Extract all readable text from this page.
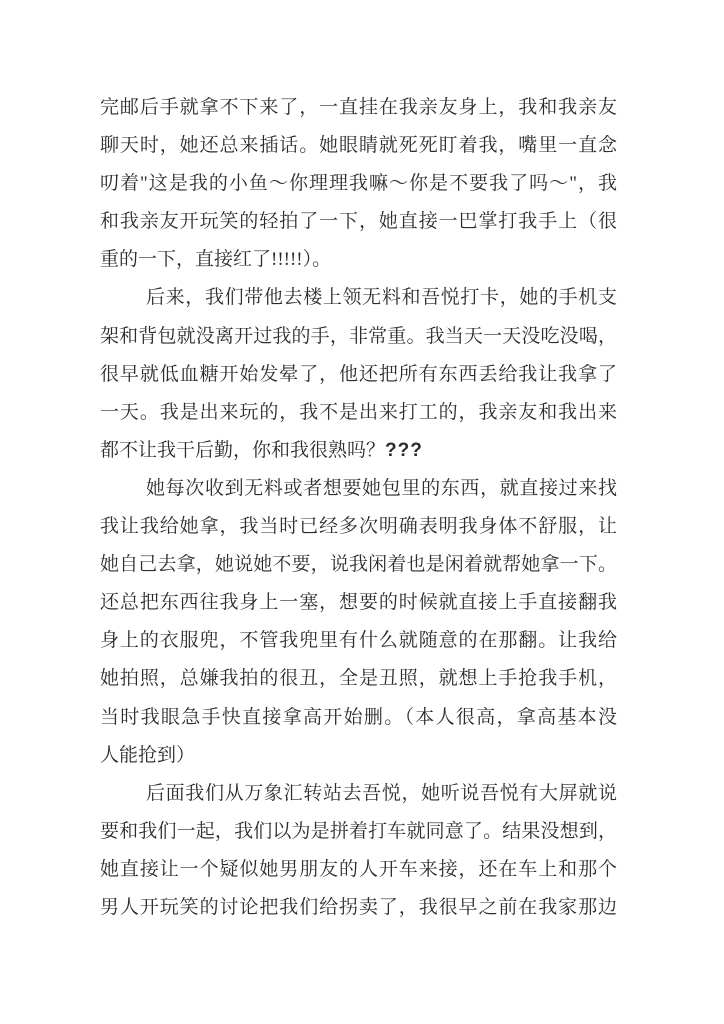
完邮后手就拿不下来了，一直挂在我亲友身上，我和我亲友
聊天时，她还总来插话。她眼睛就死死盯着我，嘴里一直念
叨着"这是我的小鱼～你理理我嘛～你是不要我了吗～"，我
和我亲友开玩笑的轻拍了一下，她直接一巴掌打我手上（很
重的一下，直接红了!!!!!）。
后来，我们带他去楼上领无料和吾悦打卡，她的手机支
架和背包就没离开过我的手，非常重。我当天一天没吃没喝，
很早就低血糖开始发晕了，他还把所有东西丢给我让我拿了
一天。我是出来玩的，我不是出来打工的，我亲友和我出来
都不让我干后勤，你和我很熟吗？???
她每次收到无料或者想要她包里的东西，就直接过来找
我让我给她拿，我当时已经多次明确表明我身体不舒服，让
她自己去拿，她说她不要，说我闲着也是闲着就帮她拿一下。
还总把东西往我身上一塞，想要的时候就直接上手直接翻我
身上的衣服兜，不管我兜里有什么就随意的在那翻。让我给
她拍照，总嫌我拍的很丑，全是丑照，就想上手抢我手机，
当时我眼急手快直接拿高开始删。（本人很高，拿高基本没
人能抢到）
后面我们从万象汇转站去吾悦，她听说吾悦有大屏就说
要和我们一起，我们以为是拼着打车就同意了。结果没想到，
她直接让一个疑似她男朋友的人开车来接，还在车上和那个
男人开玩笑的讨论把我们给拐卖了，我很早之前在我家那边
